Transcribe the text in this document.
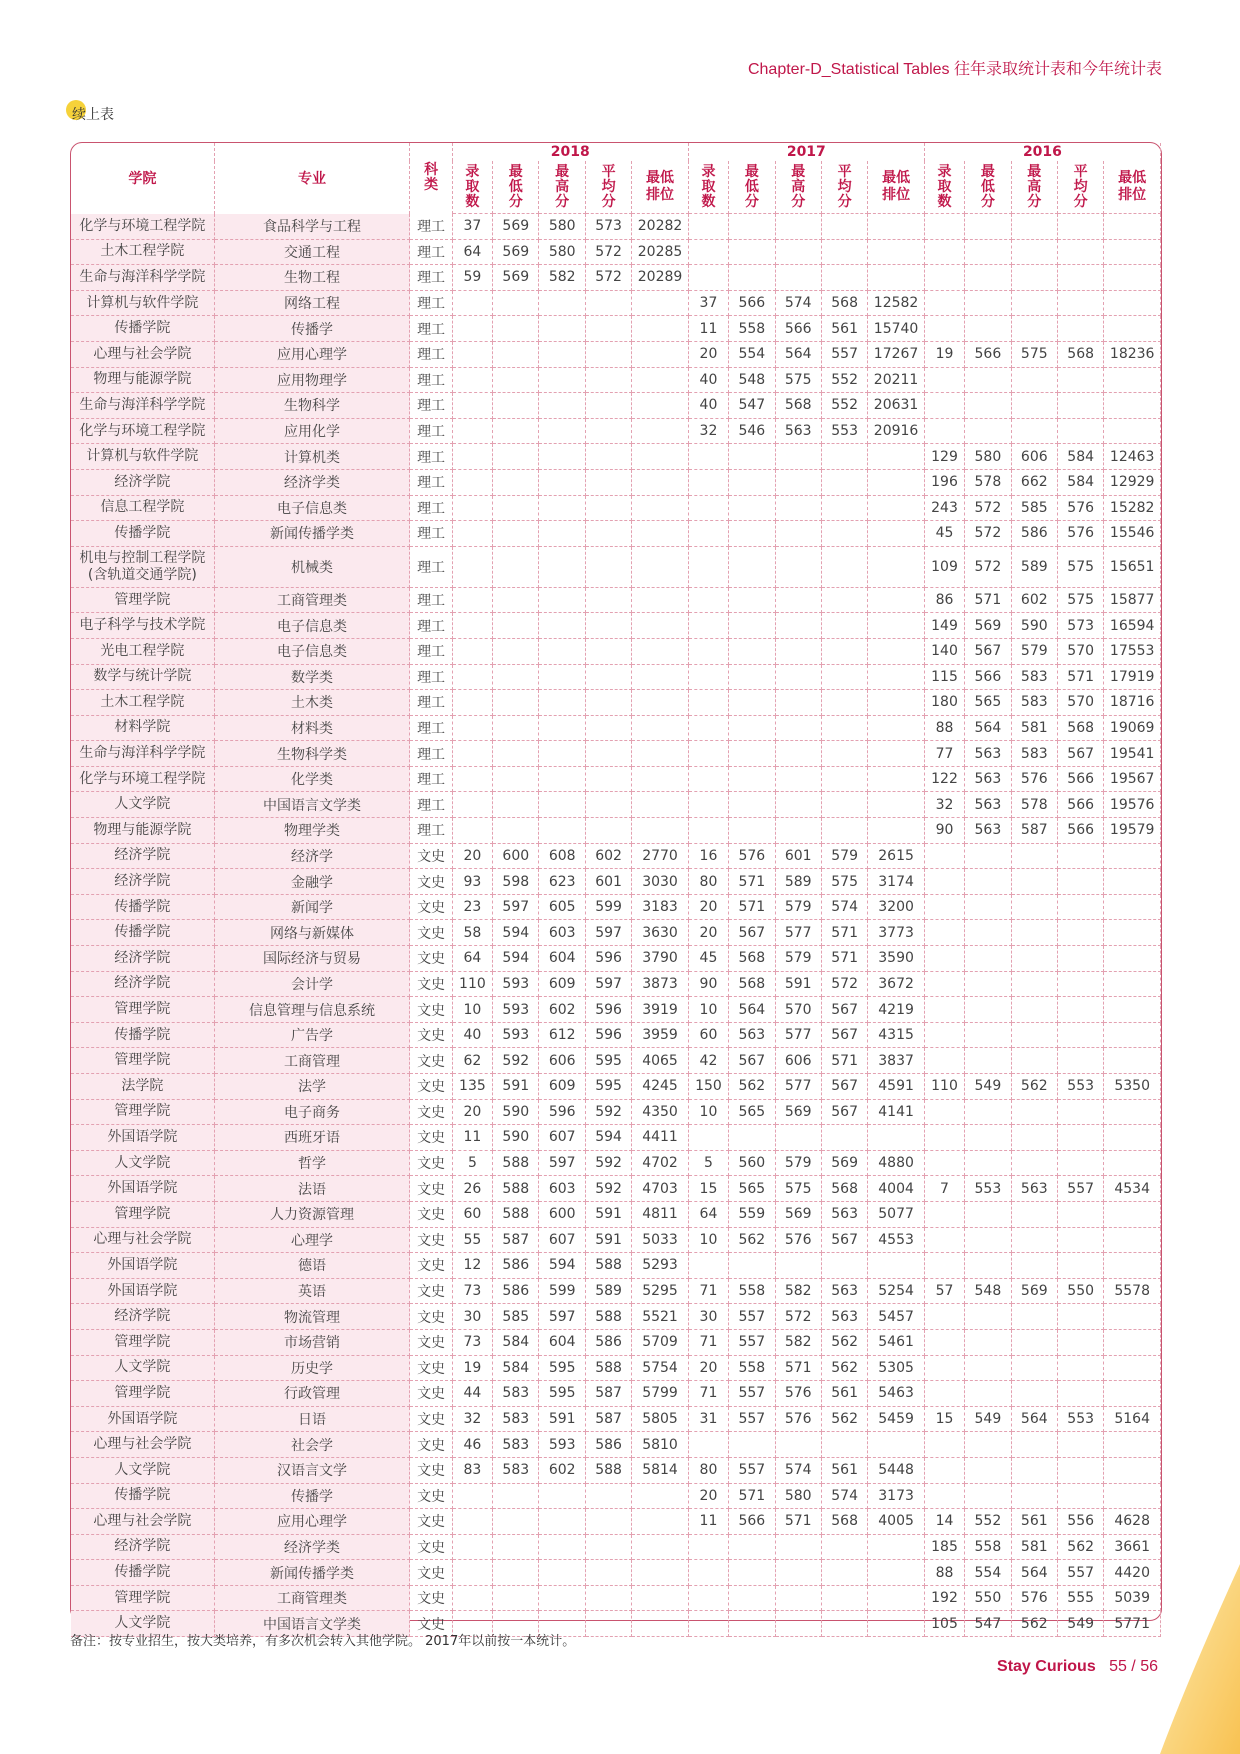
Chapter-D_Statistical Tables 往年录取统计表和今年统计表
续上表
学院	专业	科类	2018					2017					2016				
			录取数	最低分	最高分	平均分	最低排位	录取数	最低分	最高分	平均分	最低排位	录取数	最低分	最高分	平均分	最低排位
化学与环境工程学院	食品科学与工程	理工	37	569	580	573	20282										
土木工程学院	交通工程	理工	64	569	580	572	20285										
生命与海洋科学学院	生物工程	理工	59	569	582	572	20289										
计算机与软件学院	网络工程	理工						37	566	574	568	12582					
传播学院	传播学	理工						11	558	566	561	15740					
心理与社会学院	应用心理学	理工						20	554	564	557	17267	19	566	575	568	18236
物理与能源学院	应用物理学	理工						40	548	575	552	20211					
生命与海洋科学学院	生物科学	理工						40	547	568	552	20631					
化学与环境工程学院	应用化学	理工						32	546	563	553	20916					
计算机与软件学院	计算机类	理工											129	580	606	584	12463
经济学院	经济学类	理工											196	578	662	584	12929
信息工程学院	电子信息类	理工											243	572	585	576	15282
传播学院	新闻传播学类	理工											45	572	586	576	15546
机电与控制工程学院(含轨道交通学院)	机械类	理工											109	572	589	575	15651
管理学院	工商管理类	理工											86	571	602	575	15877
电子科学与技术学院	电子信息类	理工											149	569	590	573	16594
光电工程学院	电子信息类	理工											140	567	579	570	17553
数学与统计学院	数学类	理工											115	566	583	571	17919
土木工程学院	土木类	理工											180	565	583	570	18716
材料学院	材料类	理工											88	564	581	568	19069
生命与海洋科学学院	生物科学类	理工											77	563	583	567	19541
化学与环境工程学院	化学类	理工											122	563	576	566	19567
人文学院	中国语言文学类	理工											32	563	578	566	19576
物理与能源学院	物理学类	理工											90	563	587	566	19579
经济学院	经济学	文史	20	600	608	602	2770	16	576	601	579	2615					
经济学院	金融学	文史	93	598	623	601	3030	80	571	589	575	3174					
传播学院	新闻学	文史	23	597	605	599	3183	20	571	579	574	3200					
传播学院	网络与新媒体	文史	58	594	603	597	3630	20	567	577	571	3773					
经济学院	国际经济与贸易	文史	64	594	604	596	3790	45	568	579	571	3590					
经济学院	会计学	文史	110	593	609	597	3873	90	568	591	572	3672					
管理学院	信息管理与信息系统	文史	10	593	602	596	3919	10	564	570	567	4219					
传播学院	广告学	文史	40	593	612	596	3959	60	563	577	567	4315					
管理学院	工商管理	文史	62	592	606	595	4065	42	567	606	571	3837					
法学院	法学	文史	135	591	609	595	4245	150	562	577	567	4591	110	549	562	553	5350
管理学院	电子商务	文史	20	590	596	592	4350	10	565	569	567	4141					
外国语学院	西班牙语	文史	11	590	607	594	4411										
人文学院	哲学	文史	5	588	597	592	4702	5	560	579	569	4880					
外国语学院	法语	文史	26	588	603	592	4703	15	565	575	568	4004	7	553	563	557	4534
管理学院	人力资源管理	文史	60	588	600	591	4811	64	559	569	563	5077					
心理与社会学院	心理学	文史	55	587	607	591	5033	10	562	576	567	4553					
外国语学院	德语	文史	12	586	594	588	5293										
外国语学院	英语	文史	73	586	599	589	5295	71	558	582	563	5254	57	548	569	550	5578
经济学院	物流管理	文史	30	585	597	588	5521	30	557	572	563	5457					
管理学院	市场营销	文史	73	584	604	586	5709	71	557	582	562	5461					
人文学院	历史学	文史	19	584	595	588	5754	20	558	571	562	5305					
管理学院	行政管理	文史	44	583	595	587	5799	71	557	576	561	5463					
外国语学院	日语	文史	32	583	591	587	5805	31	557	576	562	5459	15	549	564	553	5164
心理与社会学院	社会学	文史	46	583	593	586	5810										
人文学院	汉语言文学	文史	83	583	602	588	5814	80	557	574	561	5448					
传播学院	传播学	文史						20	571	580	574	3173					
心理与社会学院	应用心理学	文史						11	566	571	568	4005	14	552	561	556	4628
经济学院	经济学类	文史											185	558	581	562	3661
传播学院	新闻传播学类	文史											88	554	564	557	4420
管理学院	工商管理类	文史											192	550	576	555	5039
人文学院	中国语言文学类	文史											105	547	562	549	5771
备注：按专业招生，按大类培养，有多次机会转入其他学院。 2017年以前按一本统计。
Stay Curious 55 / 56
